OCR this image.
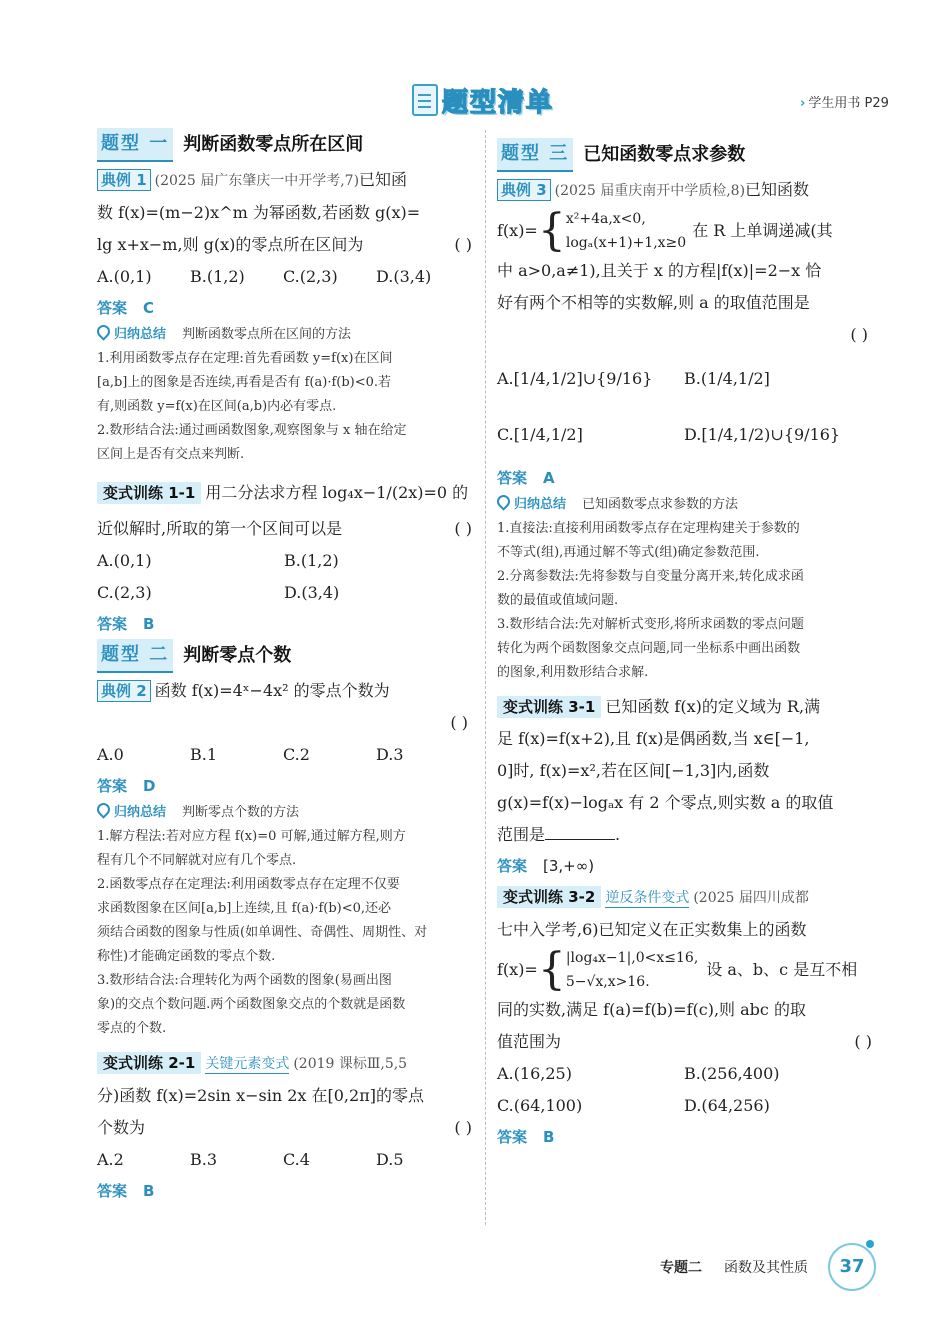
题型清单	› 学生用书 P29
题型 一 判断函数零点所在区间
典例 1 (2025 届广东肇庆一中开学考,7)已知函
数 f(x)=(m−2)x^m 为幂函数,若函数 g(x)=
lg x+x−m,则 g(x)的零点所在区间为	( )
A.(0,1)	B.(1,2)	C.(2,3)	D.(3,4)
答案 C
归纳总结 判断函数零点所在区间的方法
1.利用函数零点存在定理:首先看函数 y=f(x)在区间
[a,b]上的图象是否连续,再看是否有 f(a)·f(b)<0.若
有,则函数 y=f(x)在区间(a,b)内必有零点.
2.数形结合法:通过画函数图象,观察图象与 x 轴在给定
区间上是否有交点来判断.
变式训练 1-1 用二分法求方程 log₄x−1/(2x)=0 的
近似解时,所取的第一个区间可以是	( )
A.(0,1)	B.(1,2)
C.(2,3)	D.(3,4)
答案 B
题型 二 判断零点个数
典例 2 函数 f(x)=4ˣ−4x² 的零点个数为
( )
A.0	B.1	C.2	D.3
答案 D
归纳总结 判断零点个数的方法
1.解方程法:若对应方程 f(x)=0 可解,通过解方程,则方
程有几个不同解就对应有几个零点.
2.函数零点存在定理法:利用函数零点存在定理不仅要
求函数图象在区间[a,b]上连续,且 f(a)·f(b)<0,还必
须结合函数的图象与性质(如单调性、奇偶性、周期性、对
称性)才能确定函数的零点个数.
3.数形结合法:合理转化为两个函数的图象(易画出图
象)的交点个数问题.两个函数图象交点的个数就是函数
零点的个数.
变式训练 2-1 关键元素变式 (2019 课标Ⅲ,5,5
分)函数 f(x)=2sin x−sin 2x 在[0,2π]的零点
个数为	( )
A.2	B.3	C.4	D.5
答案 B
题型 三 已知函数零点求参数
典例 3 (2025 届重庆南开中学质检,8)已知函数
f(x)= { x²+4a,x<0,
logₐ(x+1)+1,x≥0
在 R 上单调递减(其
中 a>0,a≠1),且关于 x 的方程|f(x)|=2−x 恰
好有两个不相等的实数解,则 a 的取值范围是
( )
A.[1/4,1/2]∪{9/16}	B.(1/4,1/2]
C.[1/4,1/2]	D.[1/4,1/2)∪{9/16}
答案 A
归纳总结 已知函数零点求参数的方法
1.直接法:直接利用函数零点存在定理构建关于参数的
不等式(组),再通过解不等式(组)确定参数范围.
2.分离参数法:先将参数与自变量分离开来,转化成求函
数的最值或值域问题.
3.数形结合法:先对解析式变形,将所求函数的零点问题
转化为两个函数图象交点问题,同一坐标系中画出函数
的图象,利用数形结合求解.
变式训练 3-1 已知函数 f(x)的定义域为 R,满
足 f(x)=f(x+2),且 f(x)是偶函数,当 x∈[−1,
0]时, f(x)=x²,若在区间[−1,3]内,函数
g(x)=f(x)−logₐx 有 2 个零点,则实数 a 的取值
范围是	.
答案 [3,+∞)
变式训练 3-2 逆反条件变式 (2025 届四川成都
七中入学考,6)已知定义在正实数集上的函数
f(x)= { |log₄x−1|,0<x≤16,
5−√x,x>16.
设 a、b、c 是互不相
同的实数,满足 f(a)=f(b)=f(c),则 abc 的取
值范围为	( )
A.(16,25)	B.(256,400)
C.(64,100)	D.(64,256)
答案 B
专题二 函数及其性质	37
